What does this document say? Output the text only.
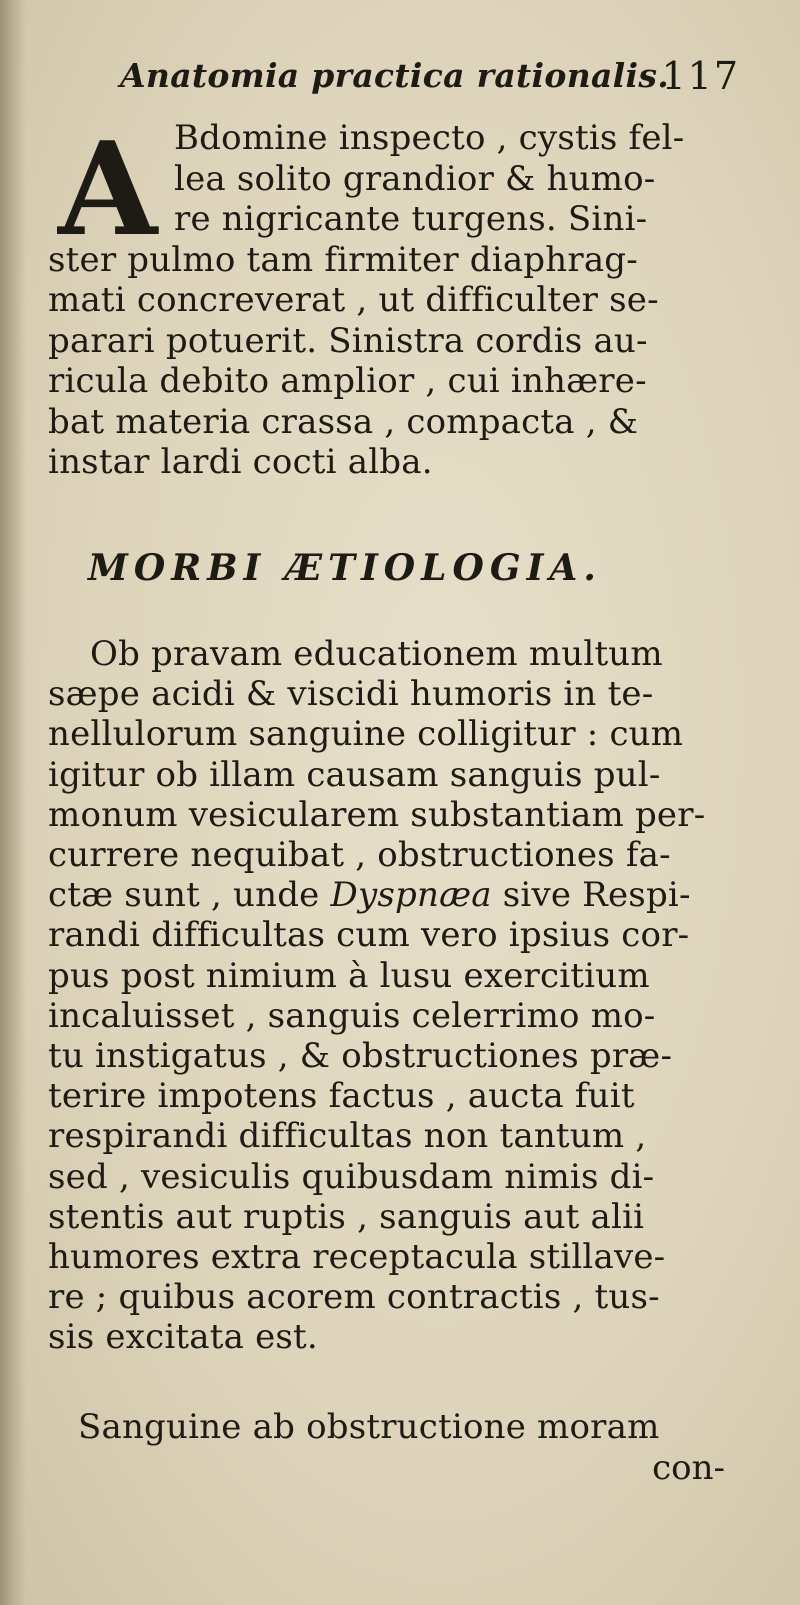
Anatomia practica rationalis.
117
A Bdomine inspecto , cystis fel-
lea solito grandior & humo-
re nigricante turgens. Sini-
ster pulmo tam firmiter diaphrag-
mati concreverat , ut difficulter se-
parari potuerit. Sinistra cordis au-
ricula debito amplior , cui inhære-
bat materia crassa , compacta , &
instar lardi cocti alba.
MORBI ÆTIOLOGIA.
Ob pravam educationem multum
sæpe acidi & viscidi humoris in te-
nellulorum sanguine colligitur : cum
igitur ob illam causam sanguis pul-
monum vesicularem substantiam per-
currere nequibat , obstructiones fa-
ctæ sunt , unde Dyspnæa sive Respi-
randi difficultas cum vero ipsius cor-
pus post nimium à lusu exercitium
incaluisset , sanguis celerrimo mo-
tu instigatus , & obstructiones præ-
terire impotens factus , aucta fuit
respirandi difficultas non tantum ,
sed , vesiculis quibusdam nimis di-
stentis aut ruptis , sanguis aut alii
humores extra receptacula stillave-
re ; quibus acorem contractis , tus-
sis excitata est.
Sanguine ab obstructione moram
con-
